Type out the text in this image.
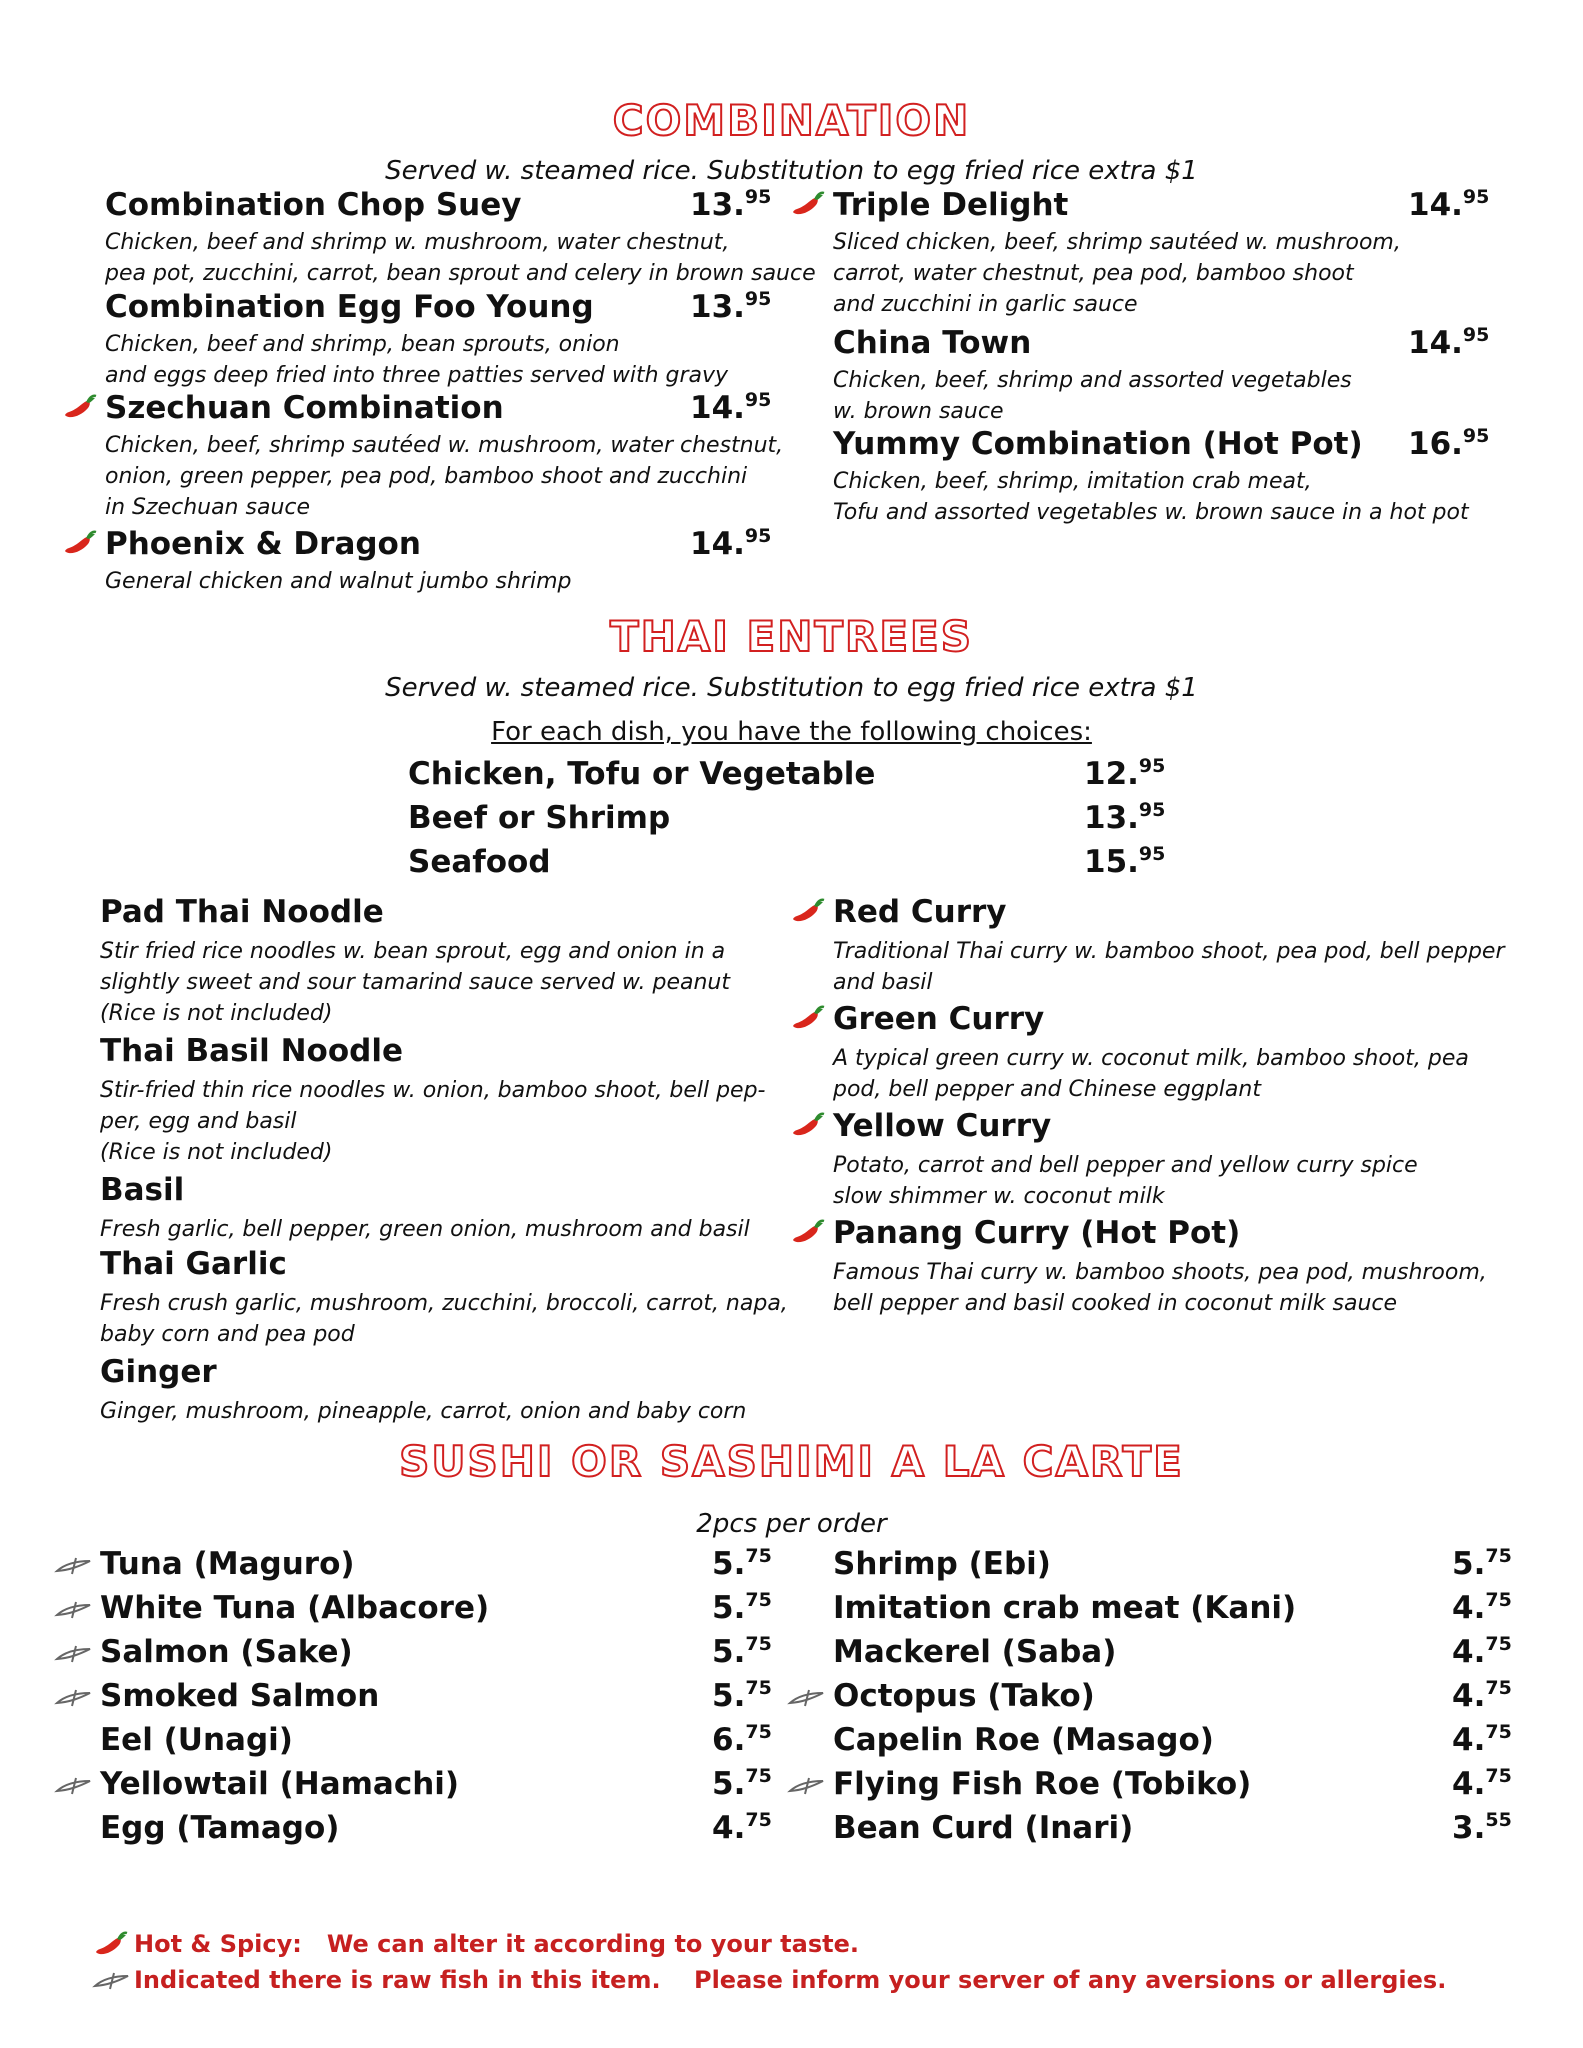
COMBINATION
Served w. steamed rice. Substitution to egg fried rice extra $1
THAI ENTREES
Served w. steamed rice. Substitution to egg fried rice extra $1
For each dish, you have the following choices:
SUSHI OR SASHIMI A LA CARTE
2pcs per order
Combination Chop Suey	13.95
Chicken, beef and shrimp w. mushroom, water chestnut,
pea pot, zucchini, carrot, bean sprout and celery in brown sauce
Combination Egg Foo Young	13.95
Chicken, beef and shrimp, bean sprouts, onion
and eggs deep fried into three patties served with gravy
Szechuan Combination	14.95
Chicken, beef, shrimp sautéed w. mushroom, water chestnut,
onion, green pepper, pea pod, bamboo shoot and zucchini
in Szechuan sauce
Phoenix & Dragon	14.95
General chicken and walnut jumbo shrimp
Triple Delight	14.95
Sliced chicken, beef, shrimp sautéed w. mushroom,
carrot, water chestnut, pea pod, bamboo shoot
and zucchini in garlic sauce
China Town	14.95
Chicken, beef, shrimp and assorted vegetables
w. brown sauce
Yummy Combination (Hot Pot) 16.95
Chicken, beef, shrimp, imitation crab meat,
Tofu and assorted vegetables w. brown sauce in a hot pot
Chicken, Tofu or Vegetable	12.95
Beef or Shrimp	13.95
Seafood	15.95
Pad Thai Noodle
Stir fried rice noodles w. bean sprout, egg and onion in a
slightly sweet and sour tamarind sauce served w. peanut
(Rice is not included)
Thai Basil Noodle
Stir-fried thin rice noodles w. onion, bamboo shoot, bell pep-
per, egg and basil
(Rice is not included)
Basil
Fresh garlic, bell pepper, green onion, mushroom and basil
Thai Garlic
Fresh crush garlic, mushroom, zucchini, broccoli, carrot, napa,
baby corn and pea pod
Ginger
Ginger, mushroom, pineapple, carrot, onion and baby corn
Red Curry
Traditional Thai curry w. bamboo shoot, pea pod, bell pepper
and basil
Green Curry
A typical green curry w. coconut milk, bamboo shoot, pea
pod, bell pepper and Chinese eggplant
Yellow Curry
Potato, carrot and bell pepper and yellow curry spice
slow shimmer w. coconut milk
Panang Curry (Hot Pot)
Famous Thai curry w. bamboo shoots, pea pod, mushroom,
bell pepper and basil cooked in coconut milk sauce
Tuna (Maguro)	5.75
White Tuna (Albacore)	5.75
Salmon (Sake)	5.75
Smoked Salmon	5.75
Eel (Unagi)	6.75
Yellowtail (Hamachi)	5.75
Egg (Tamago)	4.75
Shrimp (Ebi)	5.75
Imitation crab meat (Kani)	4.75
Mackerel (Saba)	4.75
Octopus (Tako)	4.75
Capelin Roe (Masago)	4.75
Flying Fish Roe (Tobiko)	4.75
Bean Curd (Inari)	3.55
Hot & Spicy:   We can alter it according to your taste.
Indicated there is raw fish in this item.    Please inform your server of any aversions or allergies.
